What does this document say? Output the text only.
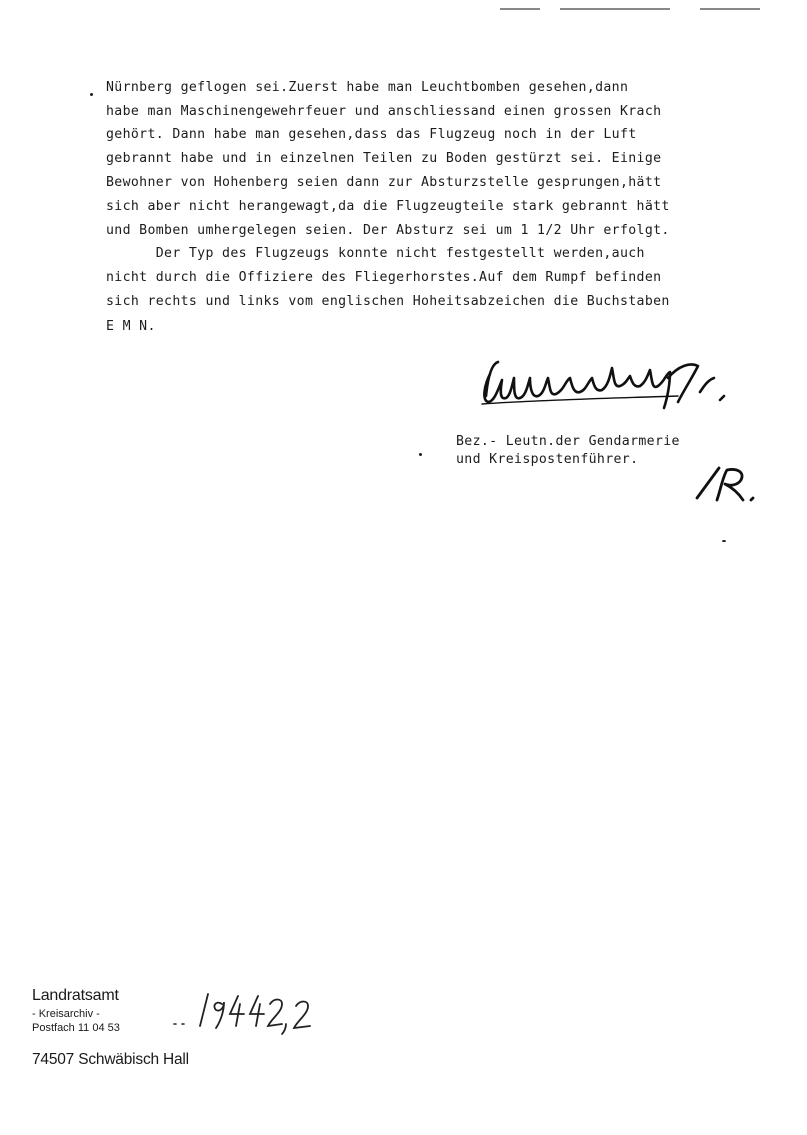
Nürnberg geflogen sei.Zuerst habe man Leuchtbomben gesehen,dann
habe man Maschinengewehrfeuer und anschliessand einen grossen Krach
gehört. Dann habe man gesehen,dass das Flugzeug noch in der Luft
gebrannt habe und in einzelnen Teilen zu Boden gestürzt sei. Einige
Bewohner von Hohenberg seien dann zur Absturzstelle gesprungen,hätt
sich aber nicht herangewagt,da die Flugzeugteile stark gebrannt hätt
und Bomben umhergelegen seien. Der Absturz sei um 1 1/2 Uhr erfolgt.
Der Typ des Flugzeugs konnte nicht festgestellt werden,auch
nicht durch die Offiziere des Fliegerhorstes.Auf dem Rumpf befinden
sich rechts und links vom englischen Hoheitsabzeichen die Buchstaben
E M N.
Bez.- Leutn.der Gendarmerie
und Kreispostenführer.
Landratsamt
- Kreisarchiv -
Postfach 11 04 53
74507 Schwäbisch Hall
